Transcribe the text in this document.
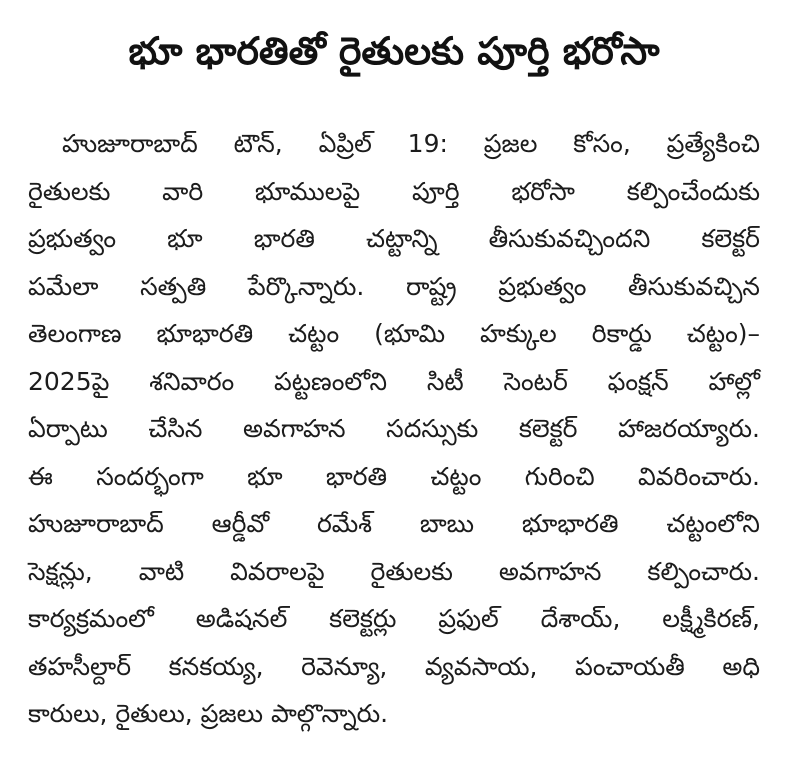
భూ భారతితో రైతులకు పూర్తి భరోసా
హుజూరాబాద్ టౌన్, ఏప్రిల్ 19: ప్రజల కోసం, ప్రత్యేకించి
రైతులకు వారి భూములపై పూర్తి భరోసా కల్పించేందుకు
ప్రభుత్వం భూ భారతి చట్టాన్ని తీసుకువచ్చిందని కలెక్టర్
పమేలా సత్పతి పేర్కొన్నారు. రాష్ట్ర ప్రభుత్వం తీసుకువచ్చిన
తెలంగాణ భూభారతి చట్టం (భూమి హక్కుల రికార్డు చట్టం)–
2025పై శనివారం పట్టణంలోని సిటీ సెంటర్ ఫంక్షన్ హాల్లో
ఏర్పాటు చేసిన అవగాహన సదస్సుకు కలెక్టర్ హాజరయ్యారు.
ఈ సందర్భంగా భూ భారతి చట్టం గురించి వివరించారు.
హుజూరాబాద్ ఆర్డీవో రమేశ్ బాబు భూభారతి చట్టంలోని
సెక్షన్లు, వాటి వివరాలపై రైతులకు అవగాహన కల్పించారు.
కార్యక్రమంలో అడిషనల్ కలెక్టర్లు ప్రఫుల్ దేశాయ్, లక్ష్మీకిరణ్,
తహసీల్దార్ కనకయ్య, రెవెన్యూ, వ్యవసాయ, పంచాయతీ అధి
కారులు, రైతులు, ప్రజలు పాల్గొన్నారు.
